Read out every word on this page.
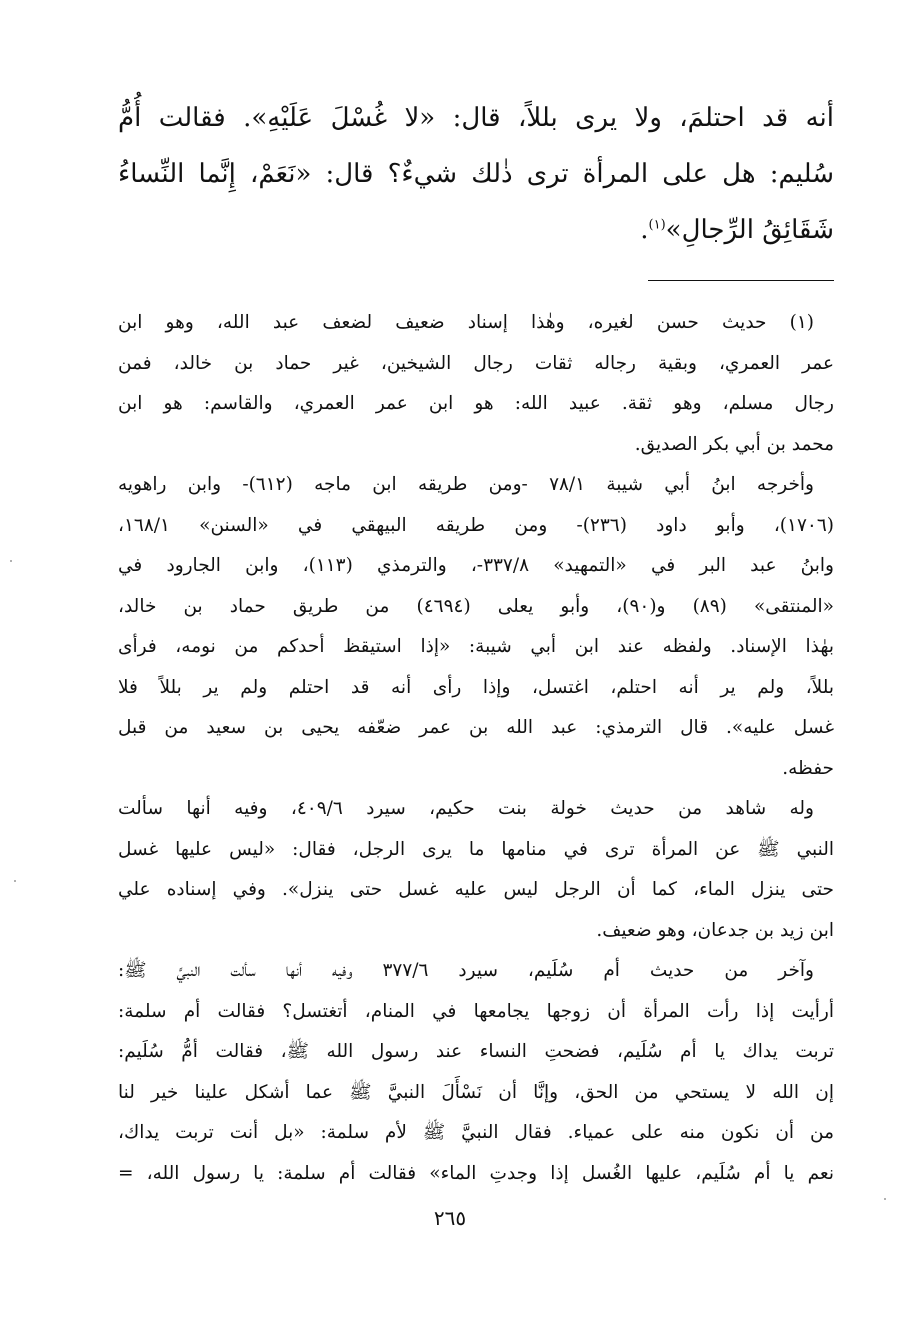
أنه قد احتلمَ، ولا يرى بللاً، قال: «لا غُسْلَ عَلَيْهِ». فقالت أُمُّ
سُليم: هل على المرأة ترى ذٰلك شيءٌ؟ قال: «نَعَمْ، إِنَّما النِّساءُ
شَقَائِقُ الرِّجالِ»$^{(١)}$.
(١) حديث حسن لغيره، وهٰذا إسناد ضعيف لضعف عبد الله، وهو ابن
عمر العمري، وبقية رجاله ثقات رجال الشيخين، غير حماد بن خالد، فمن
رجال مسلم، وهو ثقة. عبيد الله: هو ابن عمر العمري، والقاسم: هو ابن
محمد بن أبي بكر الصديق.
وأخرجه ابنُ أبي شيبة ٧٨/١ -ومن طريقه ابن ماجه (٦١٢)- وابن راهويه
(١٧٠٦)، وأبو داود (٢٣٦)- ومن طريقه البيهقي في «السنن» ١٦٨/١،
وابنُ عبد البر في «التمهيد» ٣٣٧/٨-، والترمذي (١١٣)، وابن الجارود في
«المنتقى» (٨٩) و(٩٠)، وأبو يعلى (٤٦٩٤) من طريق حماد بن خالد،
بهٰذا الإسناد. ولفظه عند ابن أبي شيبة: «إذا استيقظ أحدكم من نومه، فرأى
بللاً، ولم ير أنه احتلم، اغتسل، وإذا رأى أنه قد احتلم ولم ير بللاً فلا
غسل عليه». قال الترمذي: عبد الله بن عمر ضعّفه يحيى بن سعيد من قبل
حفظه.
وله شاهد من حديث خولة بنت حكيم، سيرد ٤٠٩/٦، وفيه أنها سألت
النبي ﷺ عن المرأة ترى في منامها ما يرى الرجل، فقال: «ليس عليها غسل
حتى ينزل الماء، كما أن الرجل ليس عليه غسل حتى ينزل». وفي إسناده علي
ابن زيد بن جدعان، وهو ضعيف.
وآخر من حديث أم سُلَيم، سيرد ٣٧٧/٦ وفيه أنها سألت النبيَّ ﷺ:
أرأيت إذا رأت المرأة أن زوجها يجامعها في المنام، أتغتسل؟ فقالت أم سلمة:
تربت يداك يا أم سُلَيم، فضحتِ النساء عند رسول الله ﷺ، فقالت أمُّ سُلَيم:
إن الله لا يستحي من الحق، وإنَّا أن نَسْأَلَ النبيَّ ﷺ عما أشكل علينا خير لنا
من أن نكون منه على عمياء. فقال النبيَّ ﷺ لأم سلمة: «بل أنت تربت يداك،
نعم يا أم سُلَيم، عليها الغُسل إذا وجدتِ الماء» فقالت أم سلمة: يا رسول الله، =
٢٦٥
